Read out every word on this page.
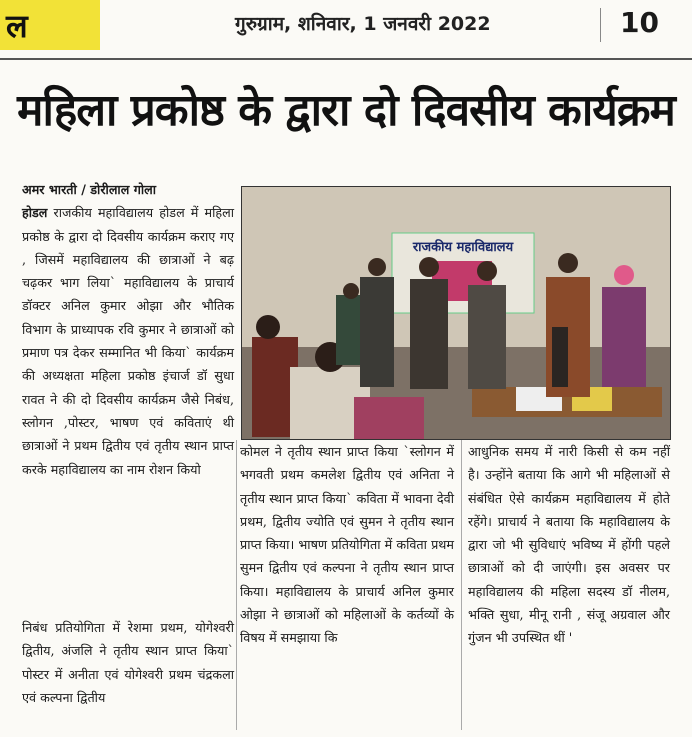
ल	गुरुग्राम, शनिवार, 1 जनवरी 2022	10
महिला प्रकोष्ठ के द्वारा दो दिवसीय कार्यक्रम
अमर भारती / डोरीलाल गोला
होडल राजकीय महाविद्यालय होडल में महिला प्रकोष्ठ के द्वारा दो दिवसीय कार्यक्रम कराए गए , जिसमें महाविद्यालय की छात्राओं ने बढ़ चढ़कर भाग लिया` महाविद्यालय के प्राचार्य डॉक्टर अनिल कुमार ओझा और भौतिक विभाग के प्राध्यापक रवि कुमार ने छात्राओं को प्रमाण पत्र देकर सम्मानित भी किया` कार्यक्रम की अध्यक्षता महिला प्रकोष्ठ इंचार्ज डॉ सुधा रावत ने की दो दिवसीय कार्यक्रम जैसे निबंध, स्लोगन ,पोस्टर, भाषण एवं कविताएं थी छात्राओं ने प्रथम द्वितीय एवं तृतीय स्थान प्राप्त करके महाविद्यालय का नाम रोशन कियो
निबंध प्रतियोगिता में रेशमा प्रथम, योगेश्वरी द्वितीय, अंजलि ने तृतीय स्थान प्राप्त किया` पोस्टर में अनीता एवं योगेश्वरी प्रथम चंद्रकला एवं कल्पना द्वितीय
राजकीय महाविद्यालय
कोमल ने तृतीय स्थान प्राप्त किया `स्लोगन में भगवती प्रथम कमलेश द्वितीय एवं अनिता ने तृतीय स्थान प्राप्त किया` कविता में भावना देवी प्रथम, द्वितीय ज्योति एवं सुमन ने तृतीय स्थान प्राप्त किया। भाषण प्रतियोगिता में कविता प्रथम सुमन द्वितीय एवं कल्पना ने तृतीय स्थान प्राप्त किया। महाविद्यालय के प्राचार्य अनिल कुमार ओझा ने छात्राओं को महिलाओं के कर्तव्यों के विषय में समझाया कि
आधुनिक समय में नारी किसी से कम नहीं है। उन्होंने बताया कि आगे भी महिलाओं से संबंधित ऐसे कार्यक्रम महाविद्यालय में होते रहेंगे। प्राचार्य ने बताया कि महाविद्यालय के द्वारा जो भी सुविधाएं भविष्य में होंगी पहले छात्राओं को दी जाएंगी। इस अवसर पर महाविद्यालय की महिला सदस्य डॉ नीलम, भक्ति सुधा, मीनू रानी , संजू अग्रवाल और गुंजन भी उपस्थित थीं '
